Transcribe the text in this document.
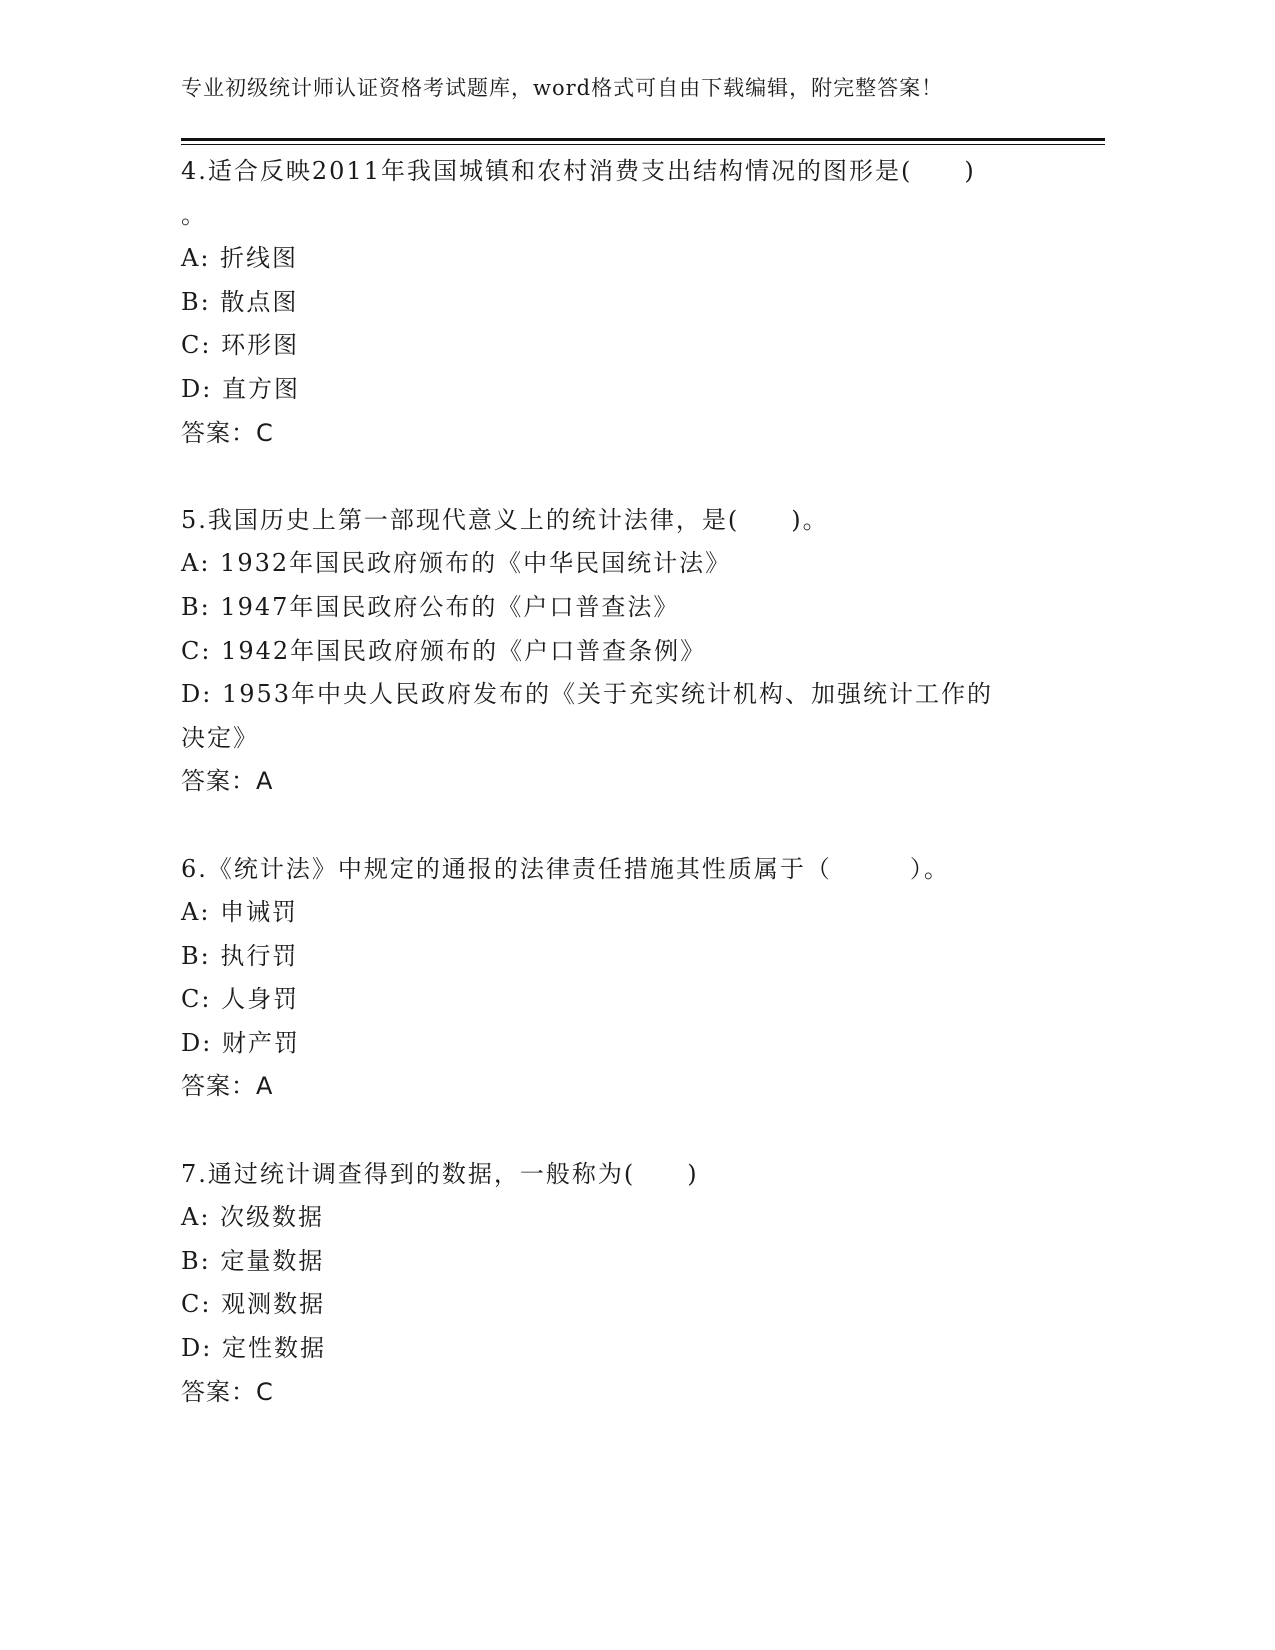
专业初级统计师认证资格考试题库，word格式可自由下载编辑，附完整答案！
4.适合反映2011年我国城镇和农村消费支出结构情况的图形是(　　)
。
A: 折线图
B: 散点图
C: 环形图
D: 直方图
答案：C
5.我国历史上第一部现代意义上的统计法律，是(　　)。
A: 1932年国民政府颁布的《中华民国统计法》
B: 1947年国民政府公布的《户口普查法》
C: 1942年国民政府颁布的《户口普查条例》
D: 1953年中央人民政府发布的《关于充实统计机构、加强统计工作的
决定》
答案：A
6.《统计法》中规定的通报的法律责任措施其性质属于（　　　）。
A: 申诫罚
B: 执行罚
C: 人身罚
D: 财产罚
答案：A
7.通过统计调查得到的数据，一般称为(　　)
A: 次级数据
B: 定量数据
C: 观测数据
D: 定性数据
答案：C
